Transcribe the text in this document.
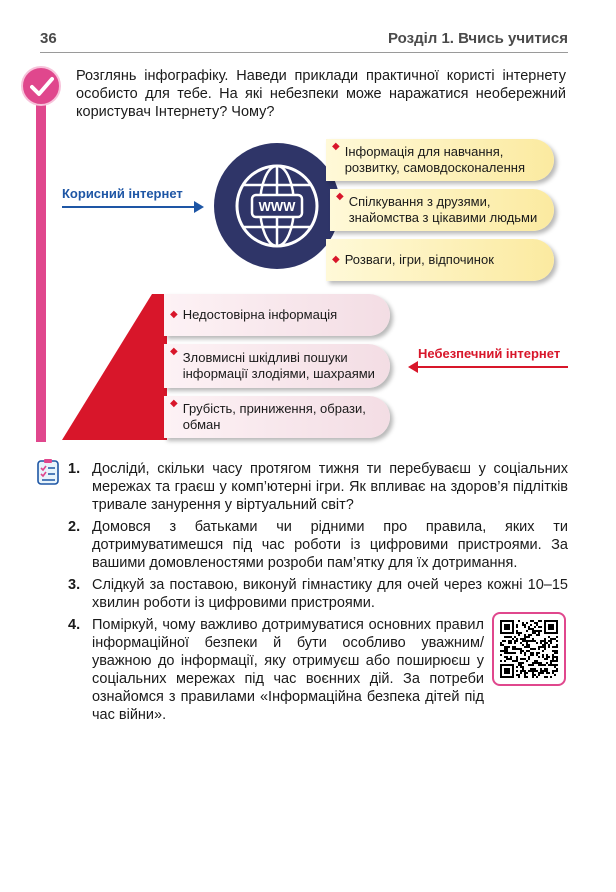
36	Розділ 1. Вчись учитися
Розглянь інфографіку. Наведи приклади практичної користі інтернету особисто для тебе. На які небезпеки може наражатися необережний користувач Інтернету? Чому?
Корисний інтернет
WWW
◆ Інформація для навчання, розвитку, самовдосконалення
◆ Спілкування з друзями, знайомства з цікавими людьми
◆ Розваги, ігри, відпочинок
◆ Недостовірна інформація
◆ Зловмисні шкідливі пошуки інформації злодіями, шахраями
◆ Грубість, приниження, образи, обман
Небезпечний інтернет
1. Досліди́, скільки часу протягом тижня ти перебуваєш у соціальних мережах та граєш у комп’ютерні ігри. Як впливає на здоров’я підлітків тривале занурення у віртуальний світ?
2. Домовся з батьками чи рідними про правила, яких ти дотримуватимешся під час роботи із цифровими пристроями. За вашими домовленостями розроби пам’ятку для їх дотримання.
3. Слідкуй за поставою, виконуй гімнастику для очей через кожні 10–15 хвилин роботи із цифровими пристроями.
4. Поміркуй, чому важливо дотримуватися основних правил інформаційної безпеки й бути особливо уважним/уважною до інформації, яку отримуєш або поширюєш у соціальних мережах під час воєнних дій. За потреби ознайомся з правилами «Інформаційна безпека дітей під час війни».
